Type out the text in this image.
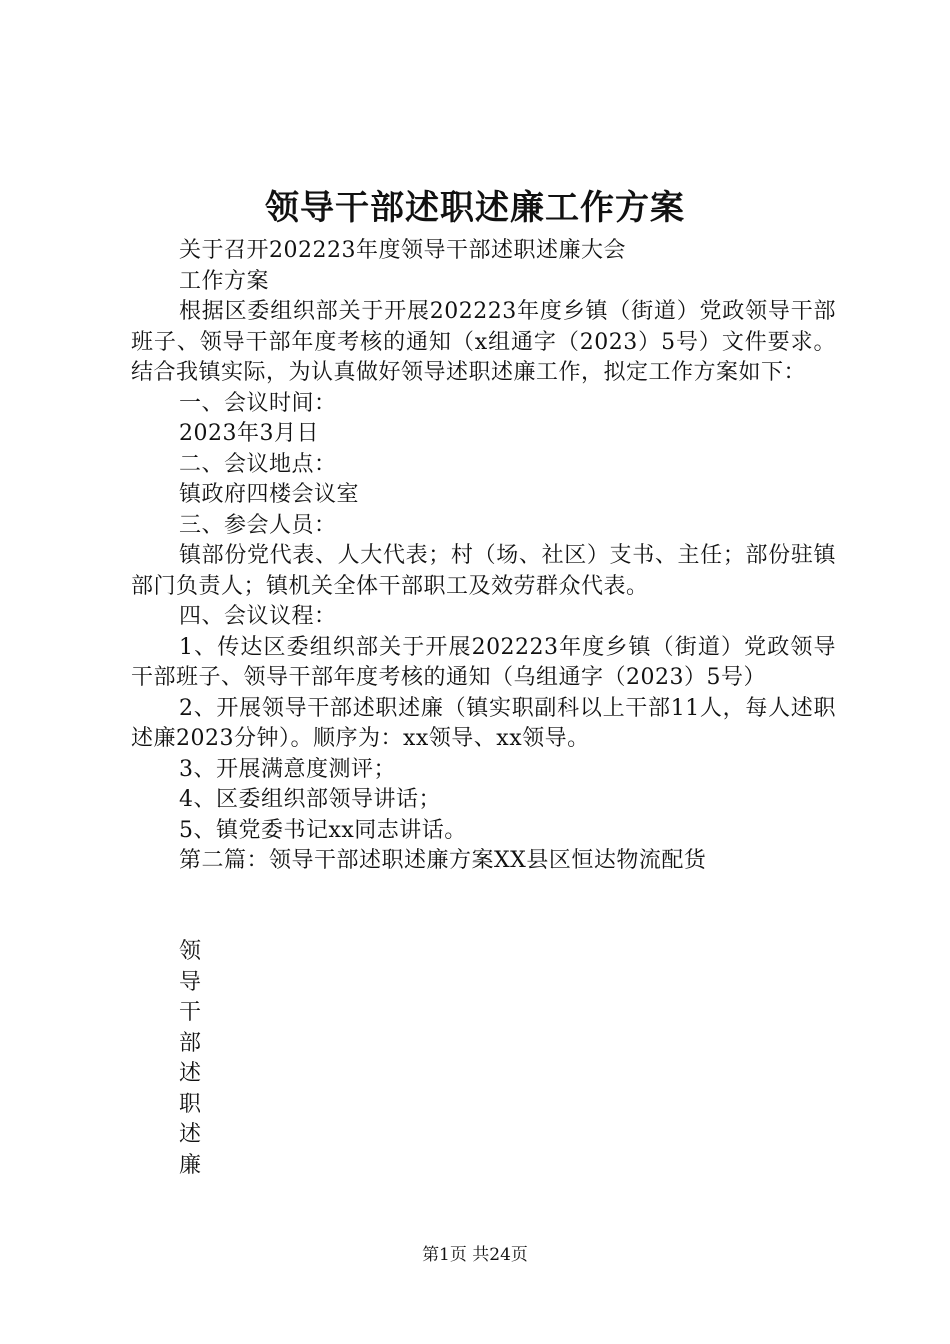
领导干部述职述廉工作方案

关于召开202223年度领导干部述职述廉大会

工作方案

根据区委组织部关于开展202223年度乡镇（街道）党政领导干部班子、领导干部年度考核的通知（x组通字（2023）5号）文件要求。结合我镇实际，为认真做好领导述职述廉工作，拟定工作方案如下：

一、会议时间：

2023年3月日

二、会议地点：

镇政府四楼会议室

三、参会人员：

镇部份党代表、人大代表；村（场、社区）支书、主任；部份驻镇部门负责人；镇机关全体干部职工及效劳群众代表。

四、会议议程：

1、传达区委组织部关于开展202223年度乡镇（街道）党政领导干部班子、领导干部年度考核的通知（乌组通字（2023）5号）

2、开展领导干部述职述廉（镇实职副科以上干部11人，每人述职述廉2023分钟）。顺序为：xx领导、xx领导。

3、开展满意度测评；

4、区委组织部领导讲话；

5、镇党委书记xx同志讲话。

第二篇：领导干部述职述廉方案XX县区恒达物流配货

领
导
干
部
述
职
述
廉
第1页 共24页
